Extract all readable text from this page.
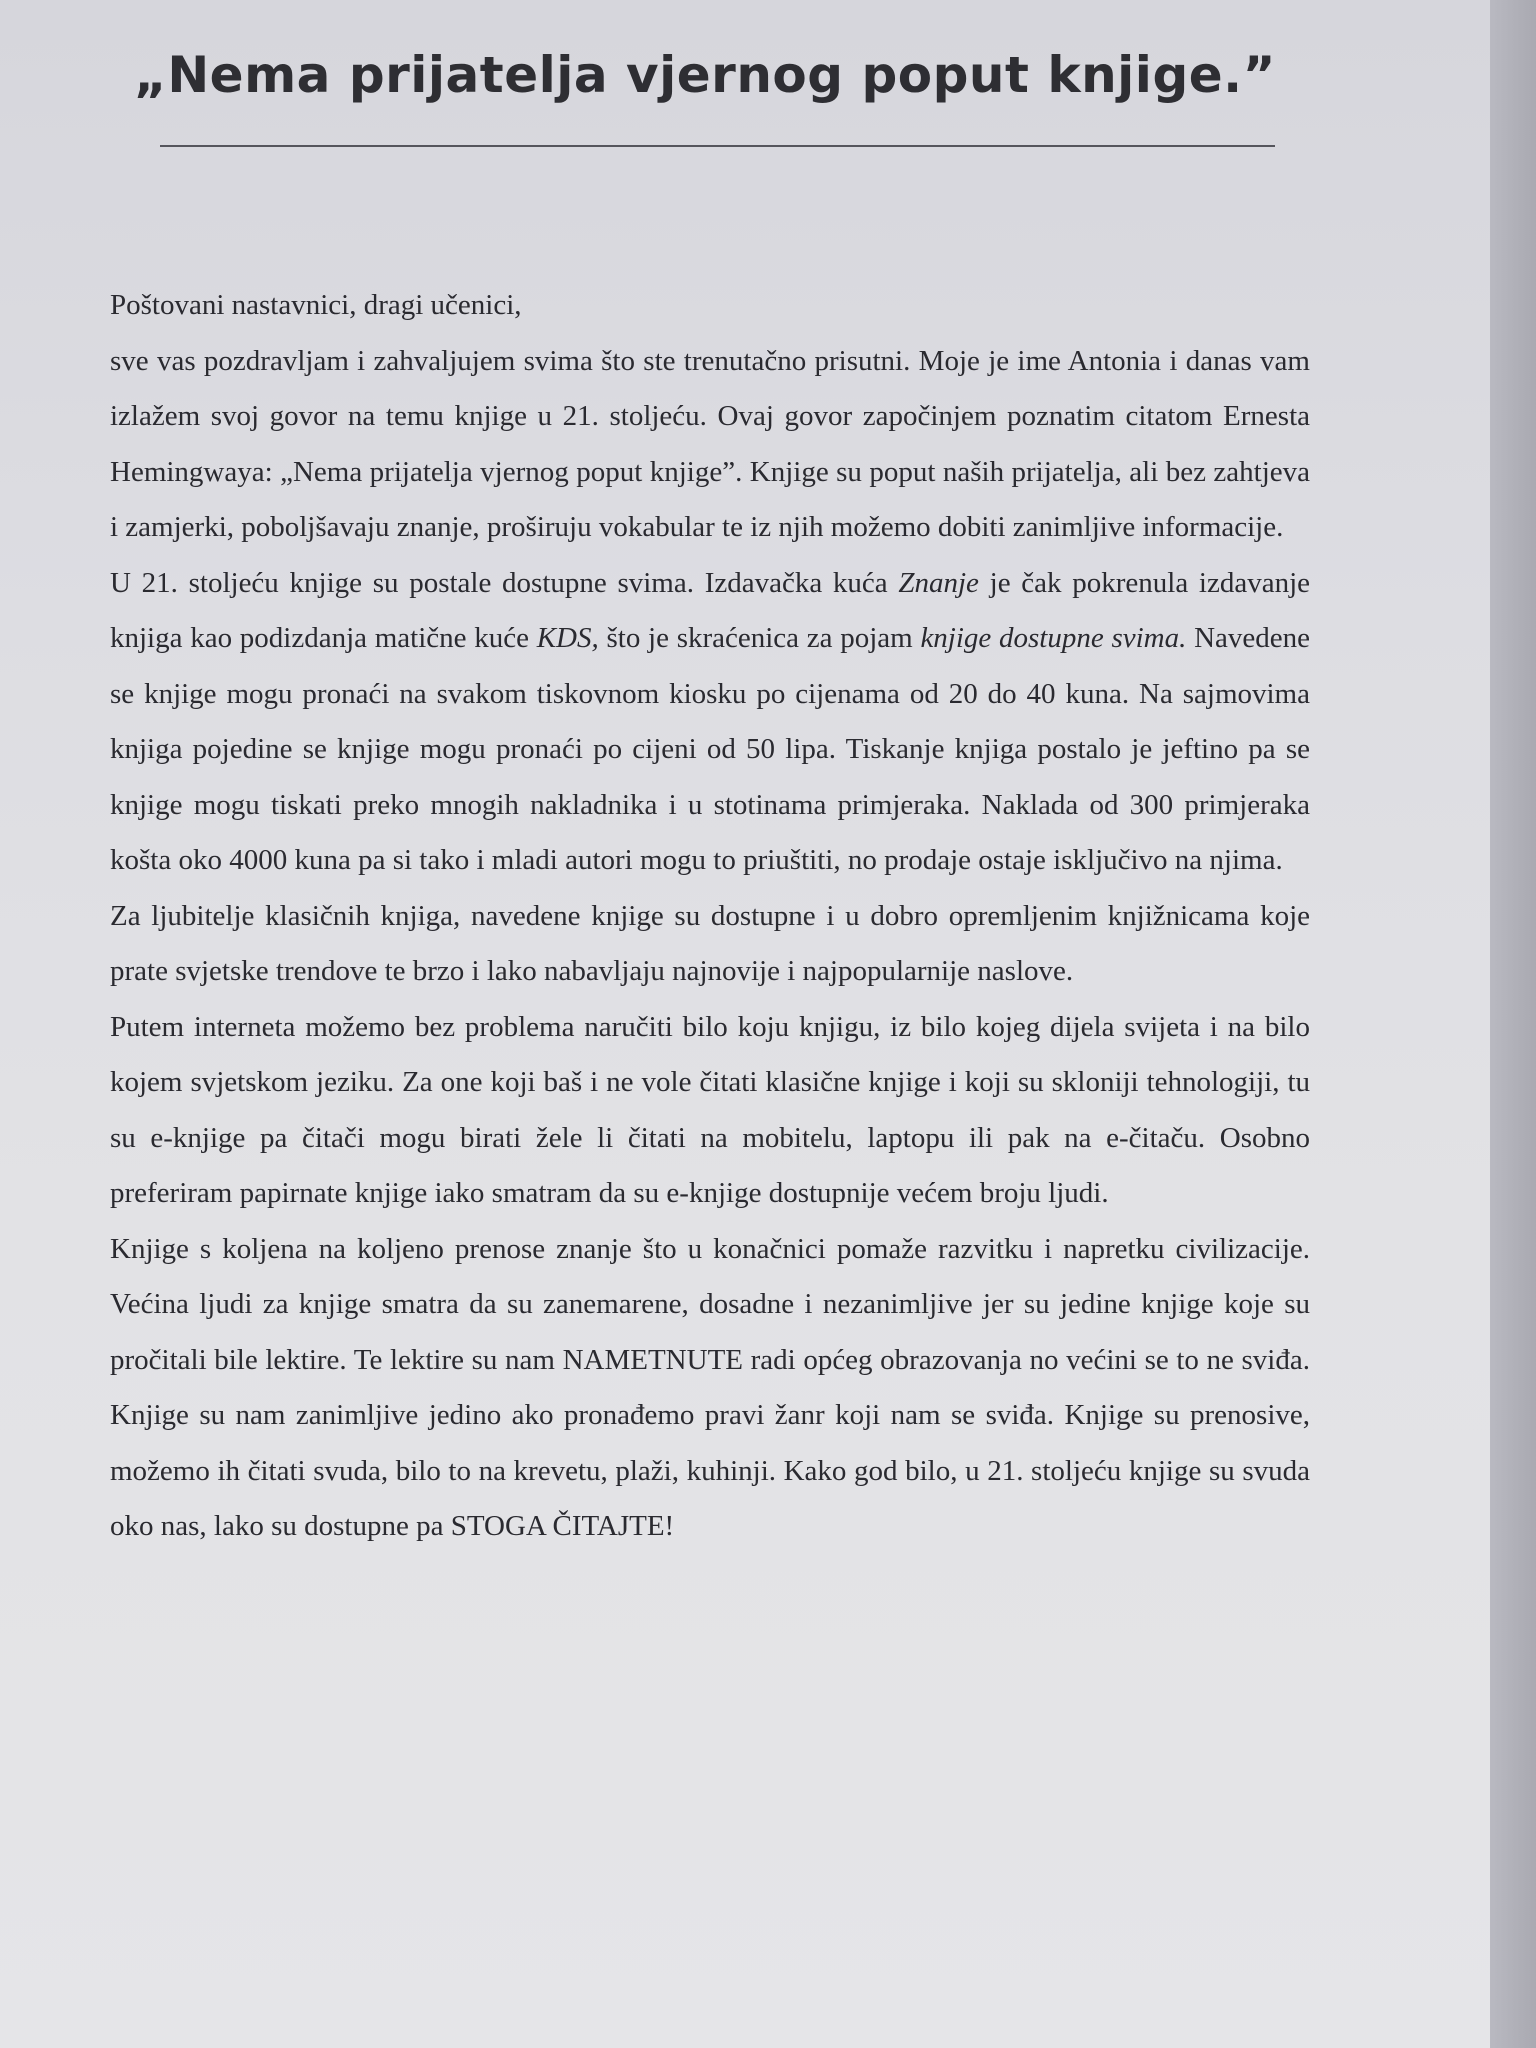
„Nema prijatelja vjernog poput knjige.”

Poštovani nastavnici, dragi učenici,

sve vas pozdravljam i zahvaljujem svima što ste trenutačno prisutni. Moje je ime Antonia i danas vam izlažem svoj govor na temu knjige u 21. stoljeću. Ovaj govor započinjem poznatim citatom Ernesta Hemingwaya: „Nema prijatelja vjernog poput knjige”. Knjige su poput naših prijatelja, ali bez zahtjeva i zamjerki, poboljšavaju znanje, proširuju vokabular te iz njih možemo dobiti zanimljive informacije.

U 21. stoljeću knjige su postale dostupne svima. Izdavačka kuća Znanje je čak pokrenula izdavanje knjiga kao podizdanja matične kuće KDS, što je skraćenica za pojam knjige dostupne svima. Navedene se knjige mogu pronaći na svakom tiskovnom kiosku po cijenama od 20 do 40 kuna. Na sajmovima knjiga pojedine se knjige mogu pronaći po cijeni od 50 lipa. Tiskanje knjiga postalo je jeftino pa se knjige mogu tiskati preko mnogih nakladnika i u stotinama primjeraka. Naklada od 300 primjeraka košta oko 4000 kuna pa si tako i mladi autori mogu to priuštiti, no prodaje ostaje isključivo na njima.

Za ljubitelje klasičnih knjiga, navedene knjige su dostupne i u dobro opremljenim knjižnicama koje prate svjetske trendove te brzo i lako nabavljaju najnovije i najpopularnije naslove.

Putem interneta možemo bez problema naručiti bilo koju knjigu, iz bilo kojeg dijela svijeta i na bilo kojem svjetskom jeziku. Za one koji baš i ne vole čitati klasične knjige i koji su skloniji tehnologiji, tu su e-knjige pa čitači mogu birati žele li čitati na mobitelu, laptopu ili pak na e-čitaču. Osobno preferiram papirnate knjige iako smatram da su e-knjige dostupnije većem broju ljudi.

Knjige s koljena na koljeno prenose znanje što u konačnici pomaže razvitku i napretku civilizacije. Većina ljudi za knjige smatra da su zanemarene, dosadne i nezanimljive jer su jedine knjige koje su pročitali bile lektire. Te lektire su nam NAMETNUTE radi općeg obrazovanja no većini se to ne sviđa. Knjige su nam zanimljive jedino ako pronađemo pravi žanr koji nam se sviđa. Knjige su prenosive, možemo ih čitati svuda, bilo to na krevetu, plaži, kuhinji. Kako god bilo, u 21. stoljeću knjige su svuda oko nas, lako su dostupne pa STOGA ČITAJTE!
